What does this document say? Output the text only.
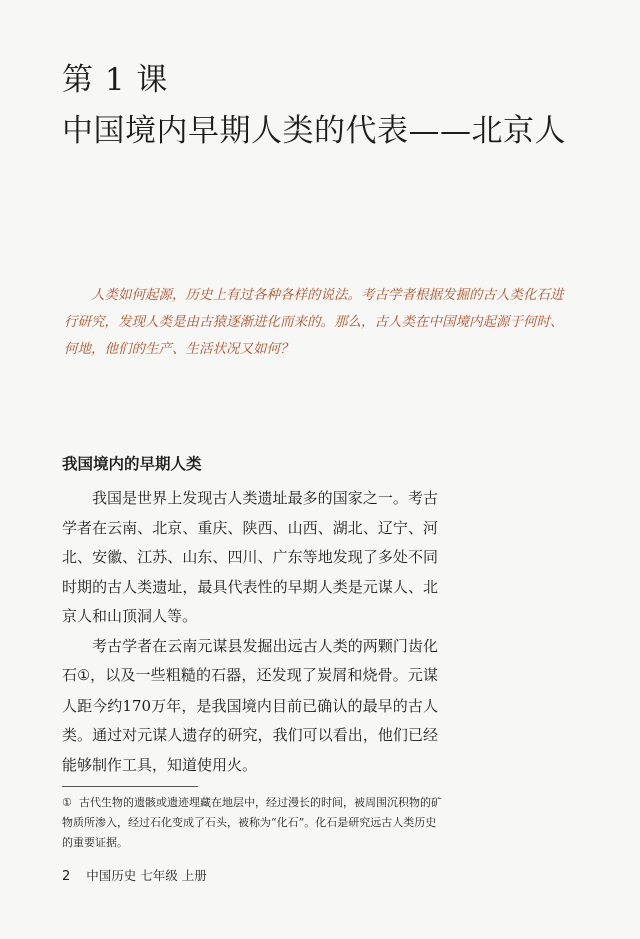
第 1 课
中国境内早期人类的代表——北京人

人类如何起源，历史上有过各种各样的说法。考古学者根据发掘的古人类化石进行研究，发现人类是由古猿逐渐进化而来的。那么，古人类在中国境内起源于何时、何地，他们的生产、生活状况又如何？

我国境内的早期人类

我国是世界上发现古人类遗址最多的国家之一。考古学者在云南、北京、重庆、陕西、山西、湖北、辽宁、河北、安徽、江苏、山东、四川、广东等地发现了多处不同时期的古人类遗址，最具代表性的早期人类是元谋人、北京人和山顶洞人等。

考古学者在云南元谋县发掘出远古人类的两颗门齿化石①，以及一些粗糙的石器，还发现了炭屑和烧骨。元谋人距今约170万年，是我国境内目前已确认的最早的古人类。通过对元谋人遗存的研究，我们可以看出，他们已经能够制作工具，知道使用火。

① 古代生物的遗骸或遗迹埋藏在地层中，经过漫长的时间，被周围沉积物的矿物质所渗入，经过石化变成了石头，被称为“化石”。化石是研究远古人类历史的重要证据。
2 中国历史 七年级 上册
